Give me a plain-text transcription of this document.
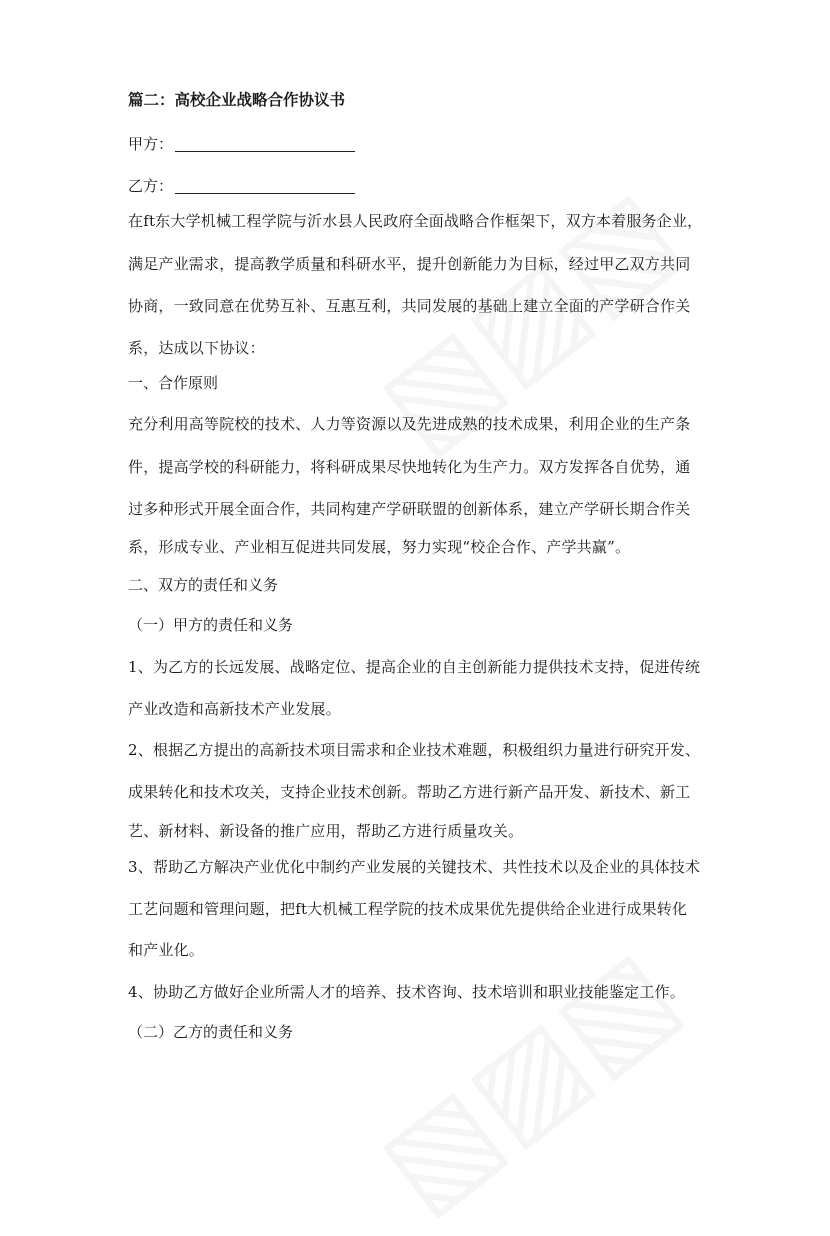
篇二：高校企业战略合作协议书
甲方：
乙方：
在ft东大学机械工程学院与沂水县人民政府全面战略合作框架下，双方本着服务企业，
满足产业需求，提高教学质量和科研水平，提升创新能力为目标，经过甲乙双方共同
协商，一致同意在优势互补、互惠互利，共同发展的基础上建立全面的产学研合作关
系，达成以下协议：
一、合作原则
充分利用高等院校的技术、人力等资源以及先进成熟的技术成果，利用企业的生产条
件，提高学校的科研能力，将科研成果尽快地转化为生产力。双方发挥各自优势，通
过多种形式开展全面合作，共同构建产学研联盟的创新体系，建立产学研长期合作关
系，形成专业、产业相互促进共同发展，努力实现“校企合作、产学共赢”。
二、双方的责任和义务
（一）甲方的责任和义务
1、为乙方的长远发展、战略定位、提高企业的自主创新能力提供技术支持，促进传统
产业改造和高新技术产业发展。
2、根据乙方提出的高新技术项目需求和企业技术难题，积极组织力量进行研究开发、
成果转化和技术攻关，支持企业技术创新。帮助乙方进行新产品开发、新技术、新工
艺、新材料、新设备的推广应用，帮助乙方进行质量攻关。
3、帮助乙方解决产业优化中制约产业发展的关键技术、共性技术以及企业的具体技术
工艺问题和管理问题，把ft大机械工程学院的技术成果优先提供给企业进行成果转化
和产业化。
4、协助乙方做好企业所需人才的培养、技术咨询、技术培训和职业技能鉴定工作。
（二）乙方的责任和义务
